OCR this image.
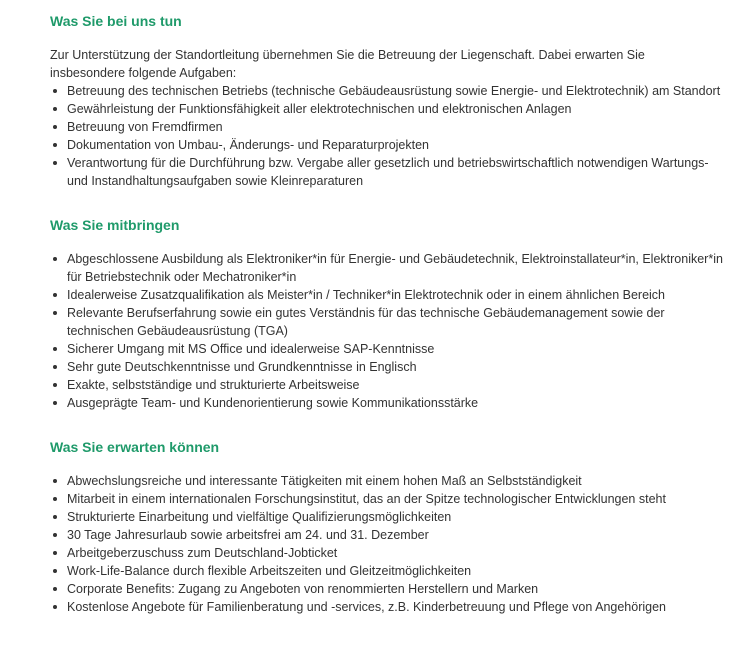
Was Sie bei uns tun

Zur Unterstützung der Standortleitung übernehmen Sie die Betreuung der Liegenschaft. Dabei erwarten Sie insbesondere folgende Aufgaben:

Betreuung des technischen Betriebs (technische Gebäudeausrüstung sowie Energie- und Elektrotechnik) am Standort
Gewährleistung der Funktionsfähigkeit aller elektrotechnischen und elektronischen Anlagen
Betreuung von Fremdfirmen
Dokumentation von Umbau-, Änderungs- und Reparaturprojekten
Verantwortung für die Durchführung bzw. Vergabe aller gesetzlich und betriebswirtschaftlich notwendigen Wartungs- und Instandhaltungsaufgaben sowie Kleinreparaturen
Was Sie mitbringen
Abgeschlossene Ausbildung als Elektroniker*in für Energie- und Gebäudetechnik, Elektroinstallateur*in, Elektroniker*in für Betriebstechnik oder Mechatroniker*in
Idealerweise Zusatzqualifikation als Meister*in / Techniker*in Elektrotechnik oder in einem ähnlichen Bereich
Relevante Berufserfahrung sowie ein gutes Verständnis für das technische Gebäudemanagement sowie der technischen Gebäudeausrüstung (TGA)
Sicherer Umgang mit MS Office und idealerweise SAP-Kenntnisse
Sehr gute Deutschkenntnisse und Grundkenntnisse in Englisch
Exakte, selbstständige und strukturierte Arbeitsweise
Ausgeprägte Team- und Kundenorientierung sowie Kommunikationsstärke
Was Sie erwarten können
Abwechslungsreiche und interessante Tätigkeiten mit einem hohen Maß an Selbstständigkeit
Mitarbeit in einem internationalen Forschungsinstitut, das an der Spitze technologischer Entwicklungen steht
Strukturierte Einarbeitung und vielfältige Qualifizierungsmöglichkeiten
30 Tage Jahresurlaub sowie arbeitsfrei am 24. und 31. Dezember
Arbeitgeberzuschuss zum Deutschland-Jobticket
Work-Life-Balance durch flexible Arbeitszeiten und Gleitzeitmöglichkeiten
Corporate Benefits: Zugang zu Angeboten von renommierten Herstellern und Marken
Kostenlose Angebote für Familienberatung und -services, z.B. Kinderbetreuung und Pflege von Angehörigen
